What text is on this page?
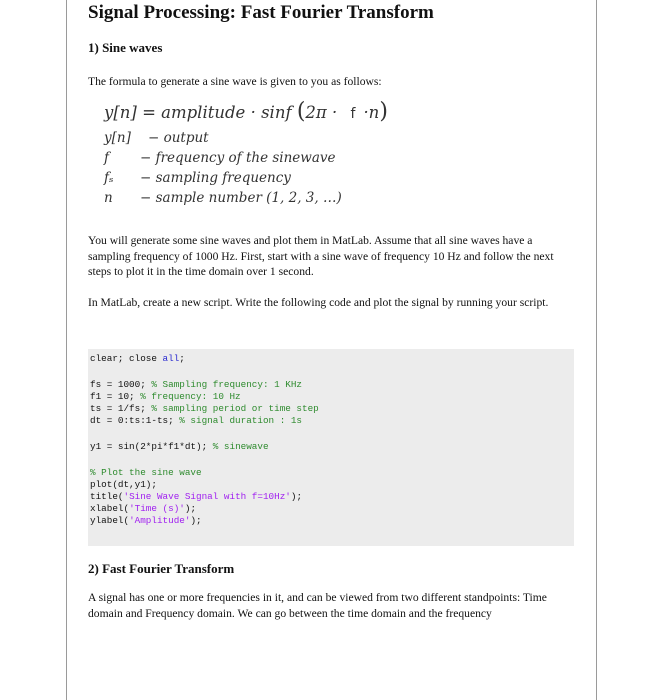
Signal Processing: Fast Fourier Transform
1) Sine waves
The formula to generate a sine wave is given to you as follows:
y[n] = amplitude · sinf (2π · f ·n)
y[n] − output
f − frequency of the sinewave
fₛ − sampling frequency
n − sample number (1, 2, 3, …)
You will generate some sine waves and plot them in MatLab. Assume that all sine waves have a sampling frequency of 1000 Hz. First, start with a sine wave of frequency 10 Hz and follow the next steps to plot it in the time domain over 1 second.
In MatLab, create a new script. Write the following code and plot the signal by running your script.
clear; close all;
fs = 1000; % Sampling frequency: 1 KHz
f1 = 10; % frequency: 10 Hz
ts = 1/fs; % sampling period or time step
dt = 0:ts:1-ts; % signal duration : 1s
y1 = sin(2*pi*f1*dt); % sinewave
% Plot the sine wave
plot(dt,y1);
title('Sine Wave Signal with f=10Hz');
xlabel('Time (s)');
ylabel('Amplitude');
2) Fast Fourier Transform
A signal has one or more frequencies in it, and can be viewed from two different standpoints: Time domain and Frequency domain. We can go between the time domain and the frequency
